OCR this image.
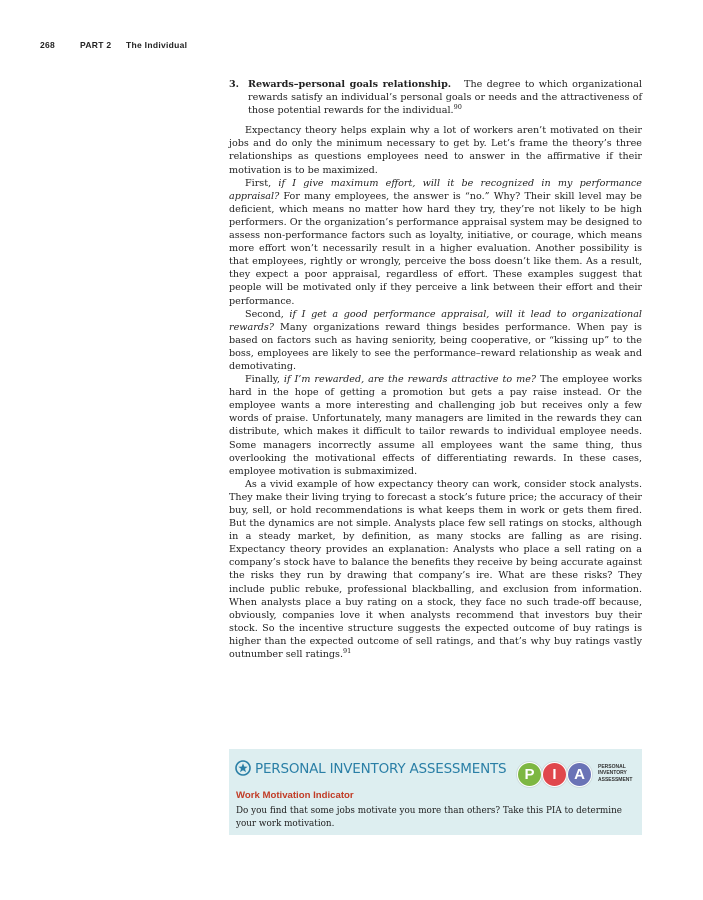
268	PART 2 The Individual
3. Rewards–personal goals relationship. The degree to which organizational rewards satisfy an individual’s personal goals or needs and the attractiveness of those potential rewards for the individual.$^{90}$

Expectancy theory helps explain why a lot of workers aren’t motivated on their jobs and do only the minimum necessary to get by. Let’s frame the theory’s three relationships as questions employees need to answer in the affirmative if their motivation is to be maximized.

First, if I give maximum effort, will it be recognized in my performance appraisal? For many employees, the answer is “no.” Why? Their skill level may be deficient, which means no matter how hard they try, they’re not likely to be high performers. Or the organization’s performance appraisal system may be designed to assess non-performance factors such as loyalty, initiative, or courage, which means more effort won’t necessarily result in a higher evaluation. Another possibility is that employees, rightly or wrongly, perceive the boss doesn’t like them. As a result, they expect a poor appraisal, regardless of effort. These examples suggest that people will be motivated only if they perceive a link between their effort and their performance.

Second, if I get a good performance appraisal, will it lead to organizational rewards? Many organizations reward things besides performance. When pay is based on factors such as having seniority, being cooperative, or “kissing up” to the boss, employees are likely to see the performance–reward relationship as weak and demotivating.

Finally, if I’m rewarded, are the rewards attractive to me? The employee works hard in the hope of getting a promotion but gets a pay raise instead. Or the employee wants a more interesting and challenging job but receives only a few words of praise. Unfortunately, many managers are limited in the rewards they can distribute, which makes it difficult to tailor rewards to individual employee needs. Some managers incorrectly assume all employees want the same thing, thus overlooking the motivational effects of differentiating rewards. In these cases, employee motivation is submaximized.

As a vivid example of how expectancy theory can work, consider stock analysts. They make their living trying to forecast a stock’s future price; the accuracy of their buy, sell, or hold recommendations is what keeps them in work or gets them fired. But the dynamics are not simple. Analysts place few sell ratings on stocks, although in a steady market, by definition, as many stocks are falling as are rising. Expectancy theory provides an explanation: Analysts who place a sell rating on a company’s stock have to balance the benefits they receive by being accurate against the risks they run by drawing that company’s ire. What are these risks? They include public rebuke, professional blackballing, and exclusion from information. When analysts place a buy rating on a stock, they face no such trade-off because, obviously, companies love it when analysts recommend that investors buy their stock. So the incentive structure suggests the expected outcome of buy ratings is higher than the expected outcome of sell ratings, and that’s why buy ratings vastly outnumber sell ratings.$^{91}$

PERSONAL INVENTORY ASSESSMENTS	P	I	A	PERSONAL
INVENTORY
ASSESSMENT
Work Motivation Indicator
Do you find that some jobs motivate you more than others? Take this PIA to determine your work motivation.
